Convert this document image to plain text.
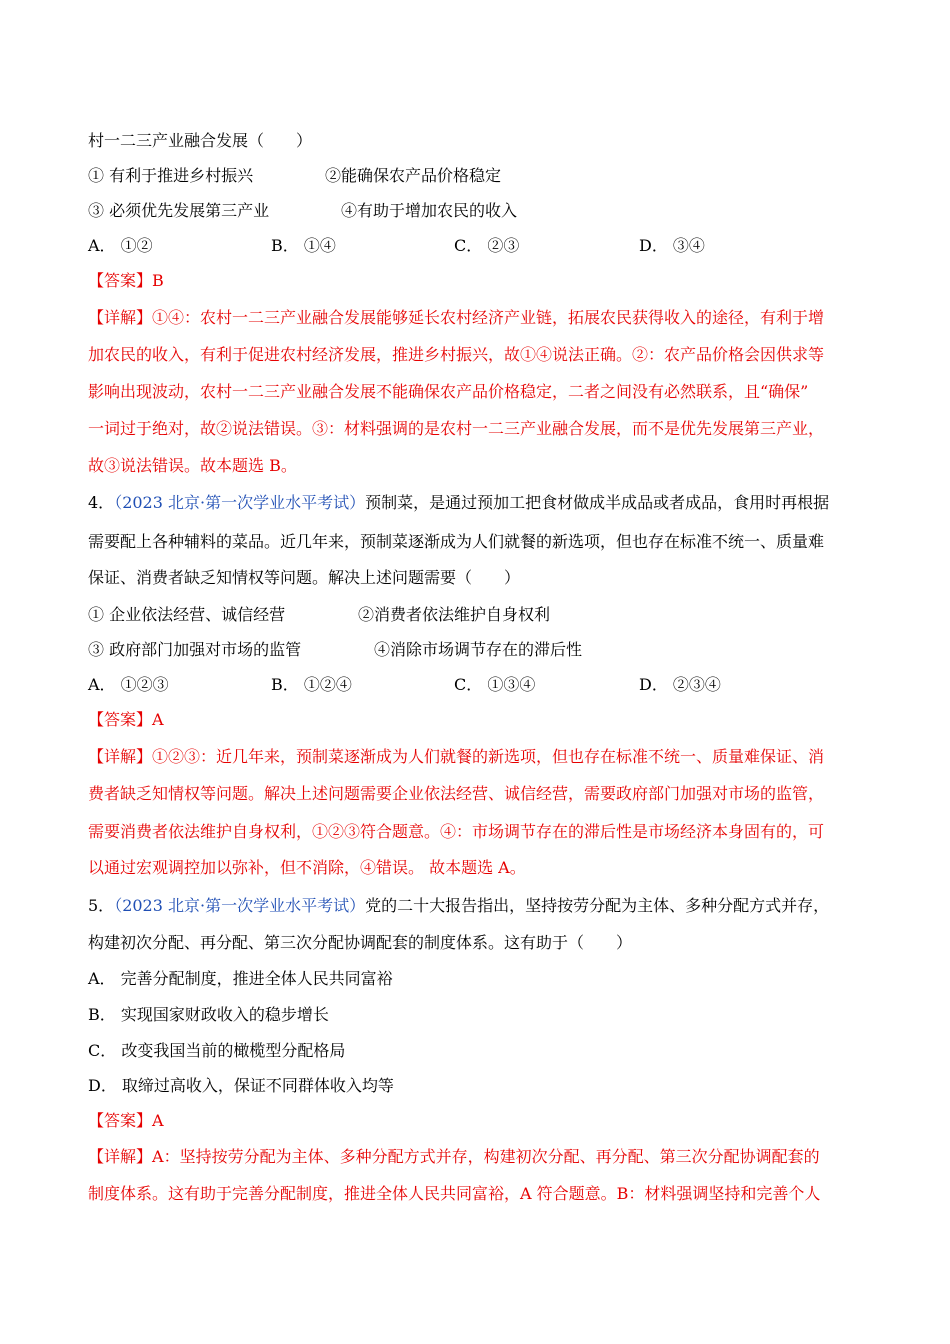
村一二三产业融合发展（　　）
① 有利于推进乡村振兴	②能确保农产品价格稳定
③ 必须优先发展第三产业	④有助于增加农民的收入
A． ①②	B． ①④	C． ②③	D． ③④
【答案】B
【详解】①④：农村一二三产业融合发展能够延长农村经济产业链，拓展农民获得收入的途径，有利于增
加农民的收入，有利于促进农村经济发展，推进乡村振兴，故①④说法正确。②：农产品价格会因供求等
影响出现波动，农村一二三产业融合发展不能确保农产品价格稳定，二者之间没有必然联系，且“确保”
一词过于绝对，故②说法错误。③：材料强调的是农村一二三产业融合发展，而不是优先发展第三产业，
故③说法错误。故本题选 B。
4．（2023 北京·第一次学业水平考试）预制菜，是通过预加工把食材做成半成品或者成品，食用时再根据
需要配上各种辅料的菜品。近几年来，预制菜逐渐成为人们就餐的新选项，但也存在标准不统一、质量难
保证、消费者缺乏知情权等问题。解决上述问题需要（　　）
① 企业依法经营、诚信经营	②消费者依法维护自身权利
③ 政府部门加强对市场的监管	④消除市场调节存在的滞后性
A． ①②③	B． ①②④	C． ①③④	D． ②③④
【答案】A
【详解】①②③：近几年来，预制菜逐渐成为人们就餐的新选项，但也存在标准不统一、质量难保证、消
费者缺乏知情权等问题。解决上述问题需要企业依法经营、诚信经营，需要政府部门加强对市场的监管，
需要消费者依法维护自身权利，①②③符合题意。④：市场调节存在的滞后性是市场经济本身固有的，可
以通过宏观调控加以弥补，但不消除，④错误。 故本题选 A。
5．（2023 北京·第一次学业水平考试）党的二十大报告指出，坚持按劳分配为主体、多种分配方式并存，
构建初次分配、再分配、第三次分配协调配套的制度体系。这有助于（　　）
A． 完善分配制度，推进全体人民共同富裕
B． 实现国家财政收入的稳步增长
C． 改变我国当前的橄榄型分配格局
D． 取缔过高收入，保证不同群体收入均等
【答案】A
【详解】A：坚持按劳分配为主体、多种分配方式并存，构建初次分配、再分配、第三次分配协调配套的
制度体系。这有助于完善分配制度，推进全体人民共同富裕，A 符合题意。B：材料强调坚持和完善个人
